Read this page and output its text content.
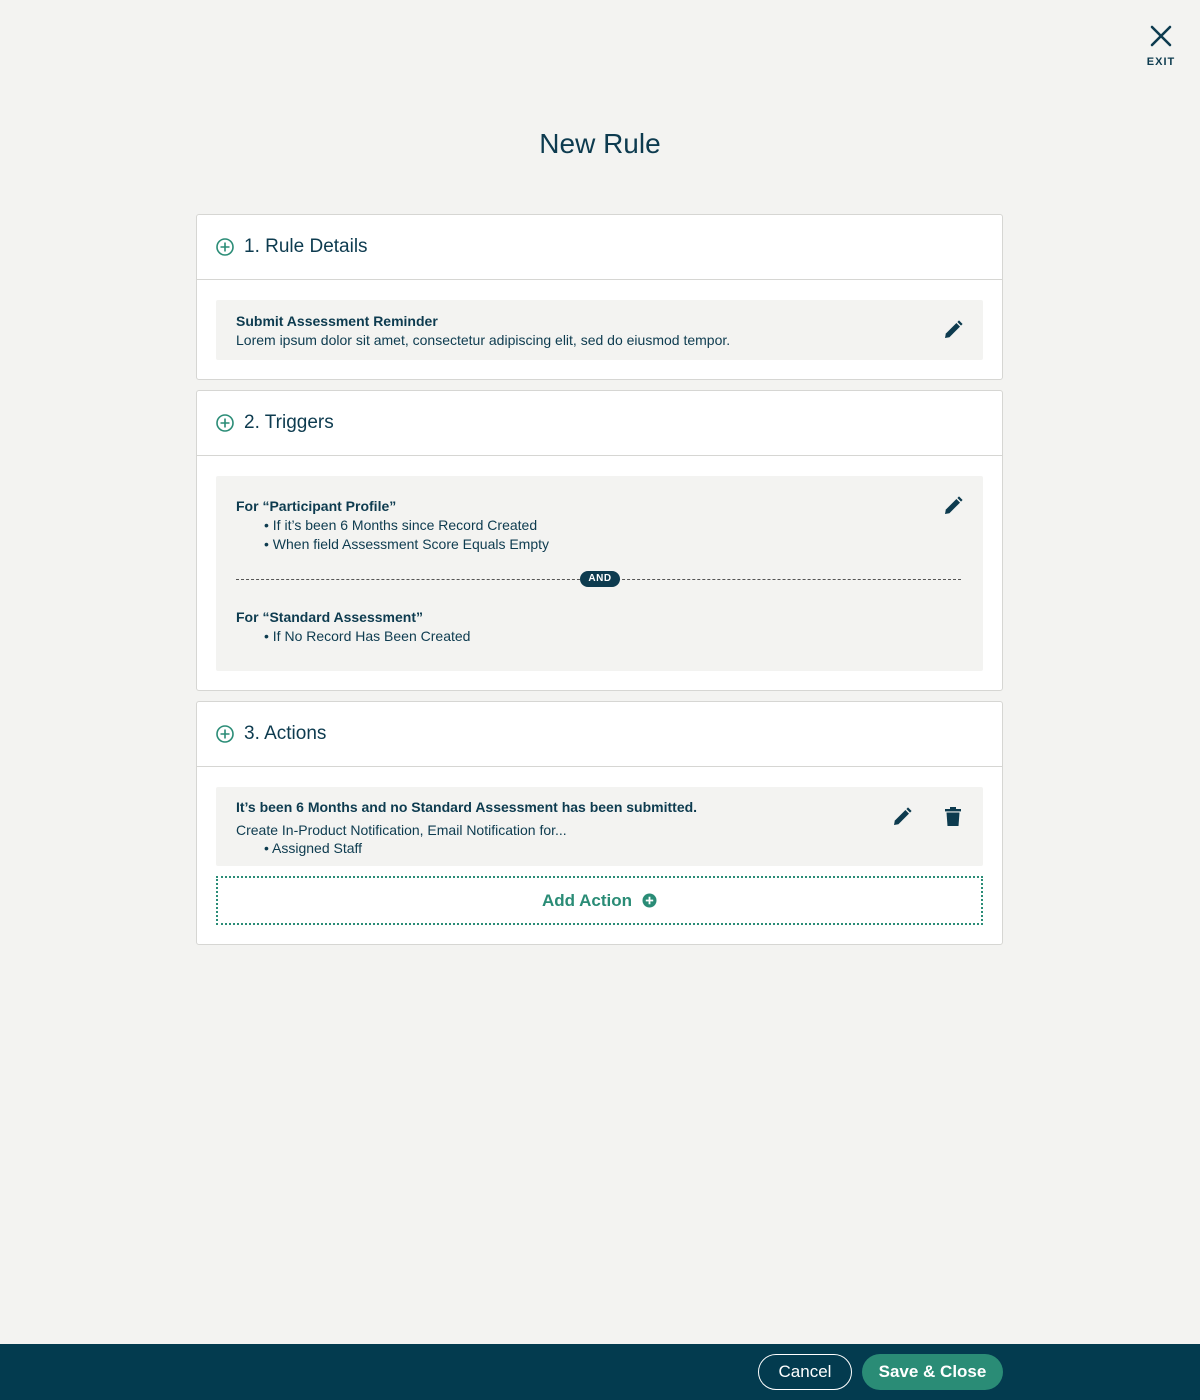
EXIT
New Rule
1. Rule Details
Submit Assessment Reminder
Lorem ipsum dolor sit amet, consectetur adipiscing elit, sed do eiusmod tempor.
2. Triggers
For “Participant Profile”
• If it’s been 6 Months since Record Created
• When field Assessment Score Equals Empty
AND
For “Standard Assessment”
• If No Record Has Been Created
3. Actions
It’s been 6 Months and no Standard Assessment has been submitted.
Create In-Product Notification, Email Notification for...
• Assigned Staff
Add Action
Cancel	Save & Close
